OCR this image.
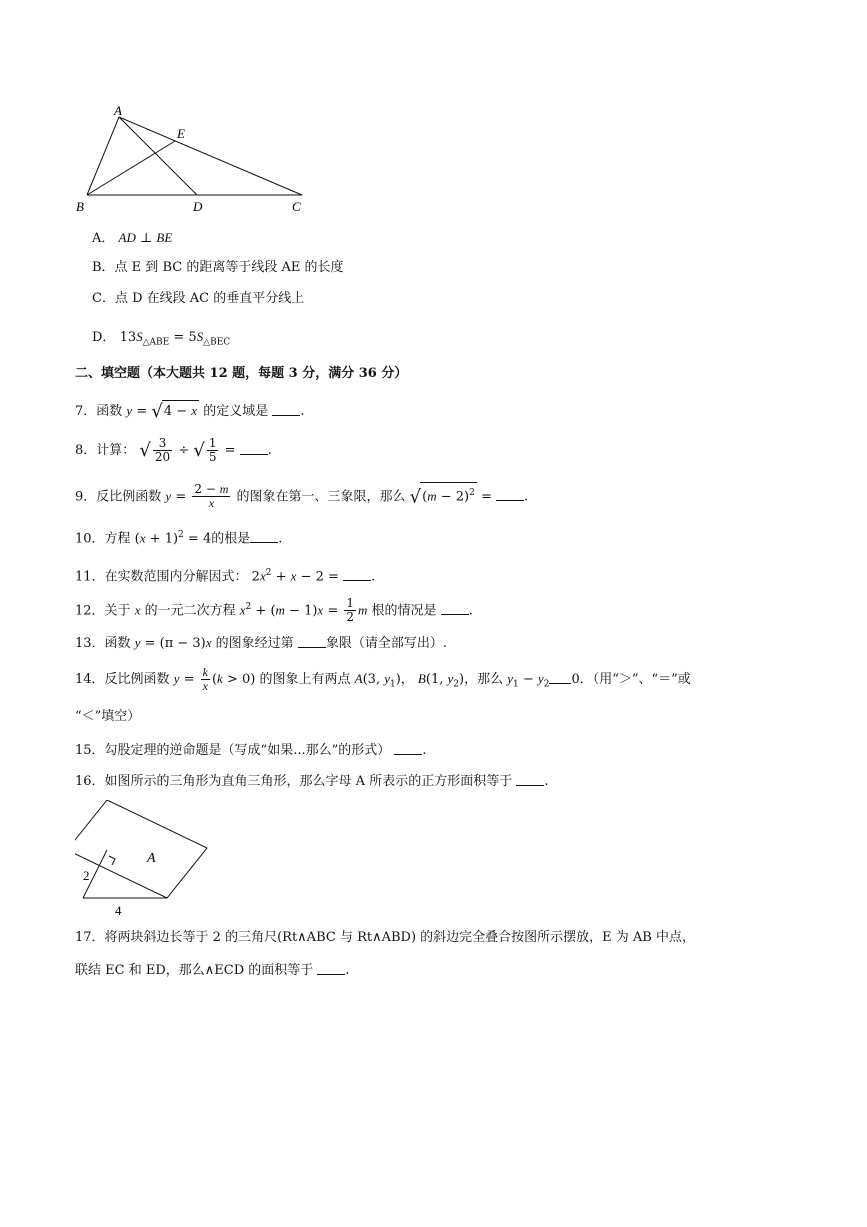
A
E
B	D	C
A． AD ⊥ BE
B．点 E 到 BC 的距离等于线段 AE 的长度
C．点 D 在线段 AC 的垂直平分线上
D． $13S_{\triangle ABE} = 5S_{\triangle BEC}$
二、填空题（本大题共 12 题，每题 3 分，满分 36 分）
7．函数 y = √4 − x 的定义域是 .
8．计算： √ $\frac{3}{20}$ ÷ √ $\frac{1}{5}$ = .
9．反比例函数 $y = \frac{2 - m}{x}$ 的图象在第一、三象限，那么 $√(m - 2)^2$ = .
10．方程 $(x + 1)^2 = 4$的根是 .
11．在实数范围内分解因式： $2x^2 + x - 2$ = .
12．关于 x 的一元二次方程 $x^2 + (m - 1)x = \frac{1}{2}$ m 根的情况是 .
13．函数 y = (π − 3)x 的图象经过第 象限（请全部写出）.
14．反比例函数 $y = \frac{k}{x} (k > 0)$ 的图象上有两点 A(3, $y_1$)， B(1, $y_2$)，那么 $y_1 - y_2$ 0．（用“＞”、“＝”或
“＜”填空）
15．勾股定理的逆命题是（写成“如果...那么”的形式） .
16．如图所示的三角形为直角三角形，那么字母 A 所表示的正方形面积等于 .
A
2
4
17．将两块斜边长等于 2 的三角尺(Rt∧ABC 与 Rt∧ABD) 的斜边完全叠合按图所示摆放，E 为 AB 中点，
联结 EC 和 ED，那么∧ECD 的面积等于 .
